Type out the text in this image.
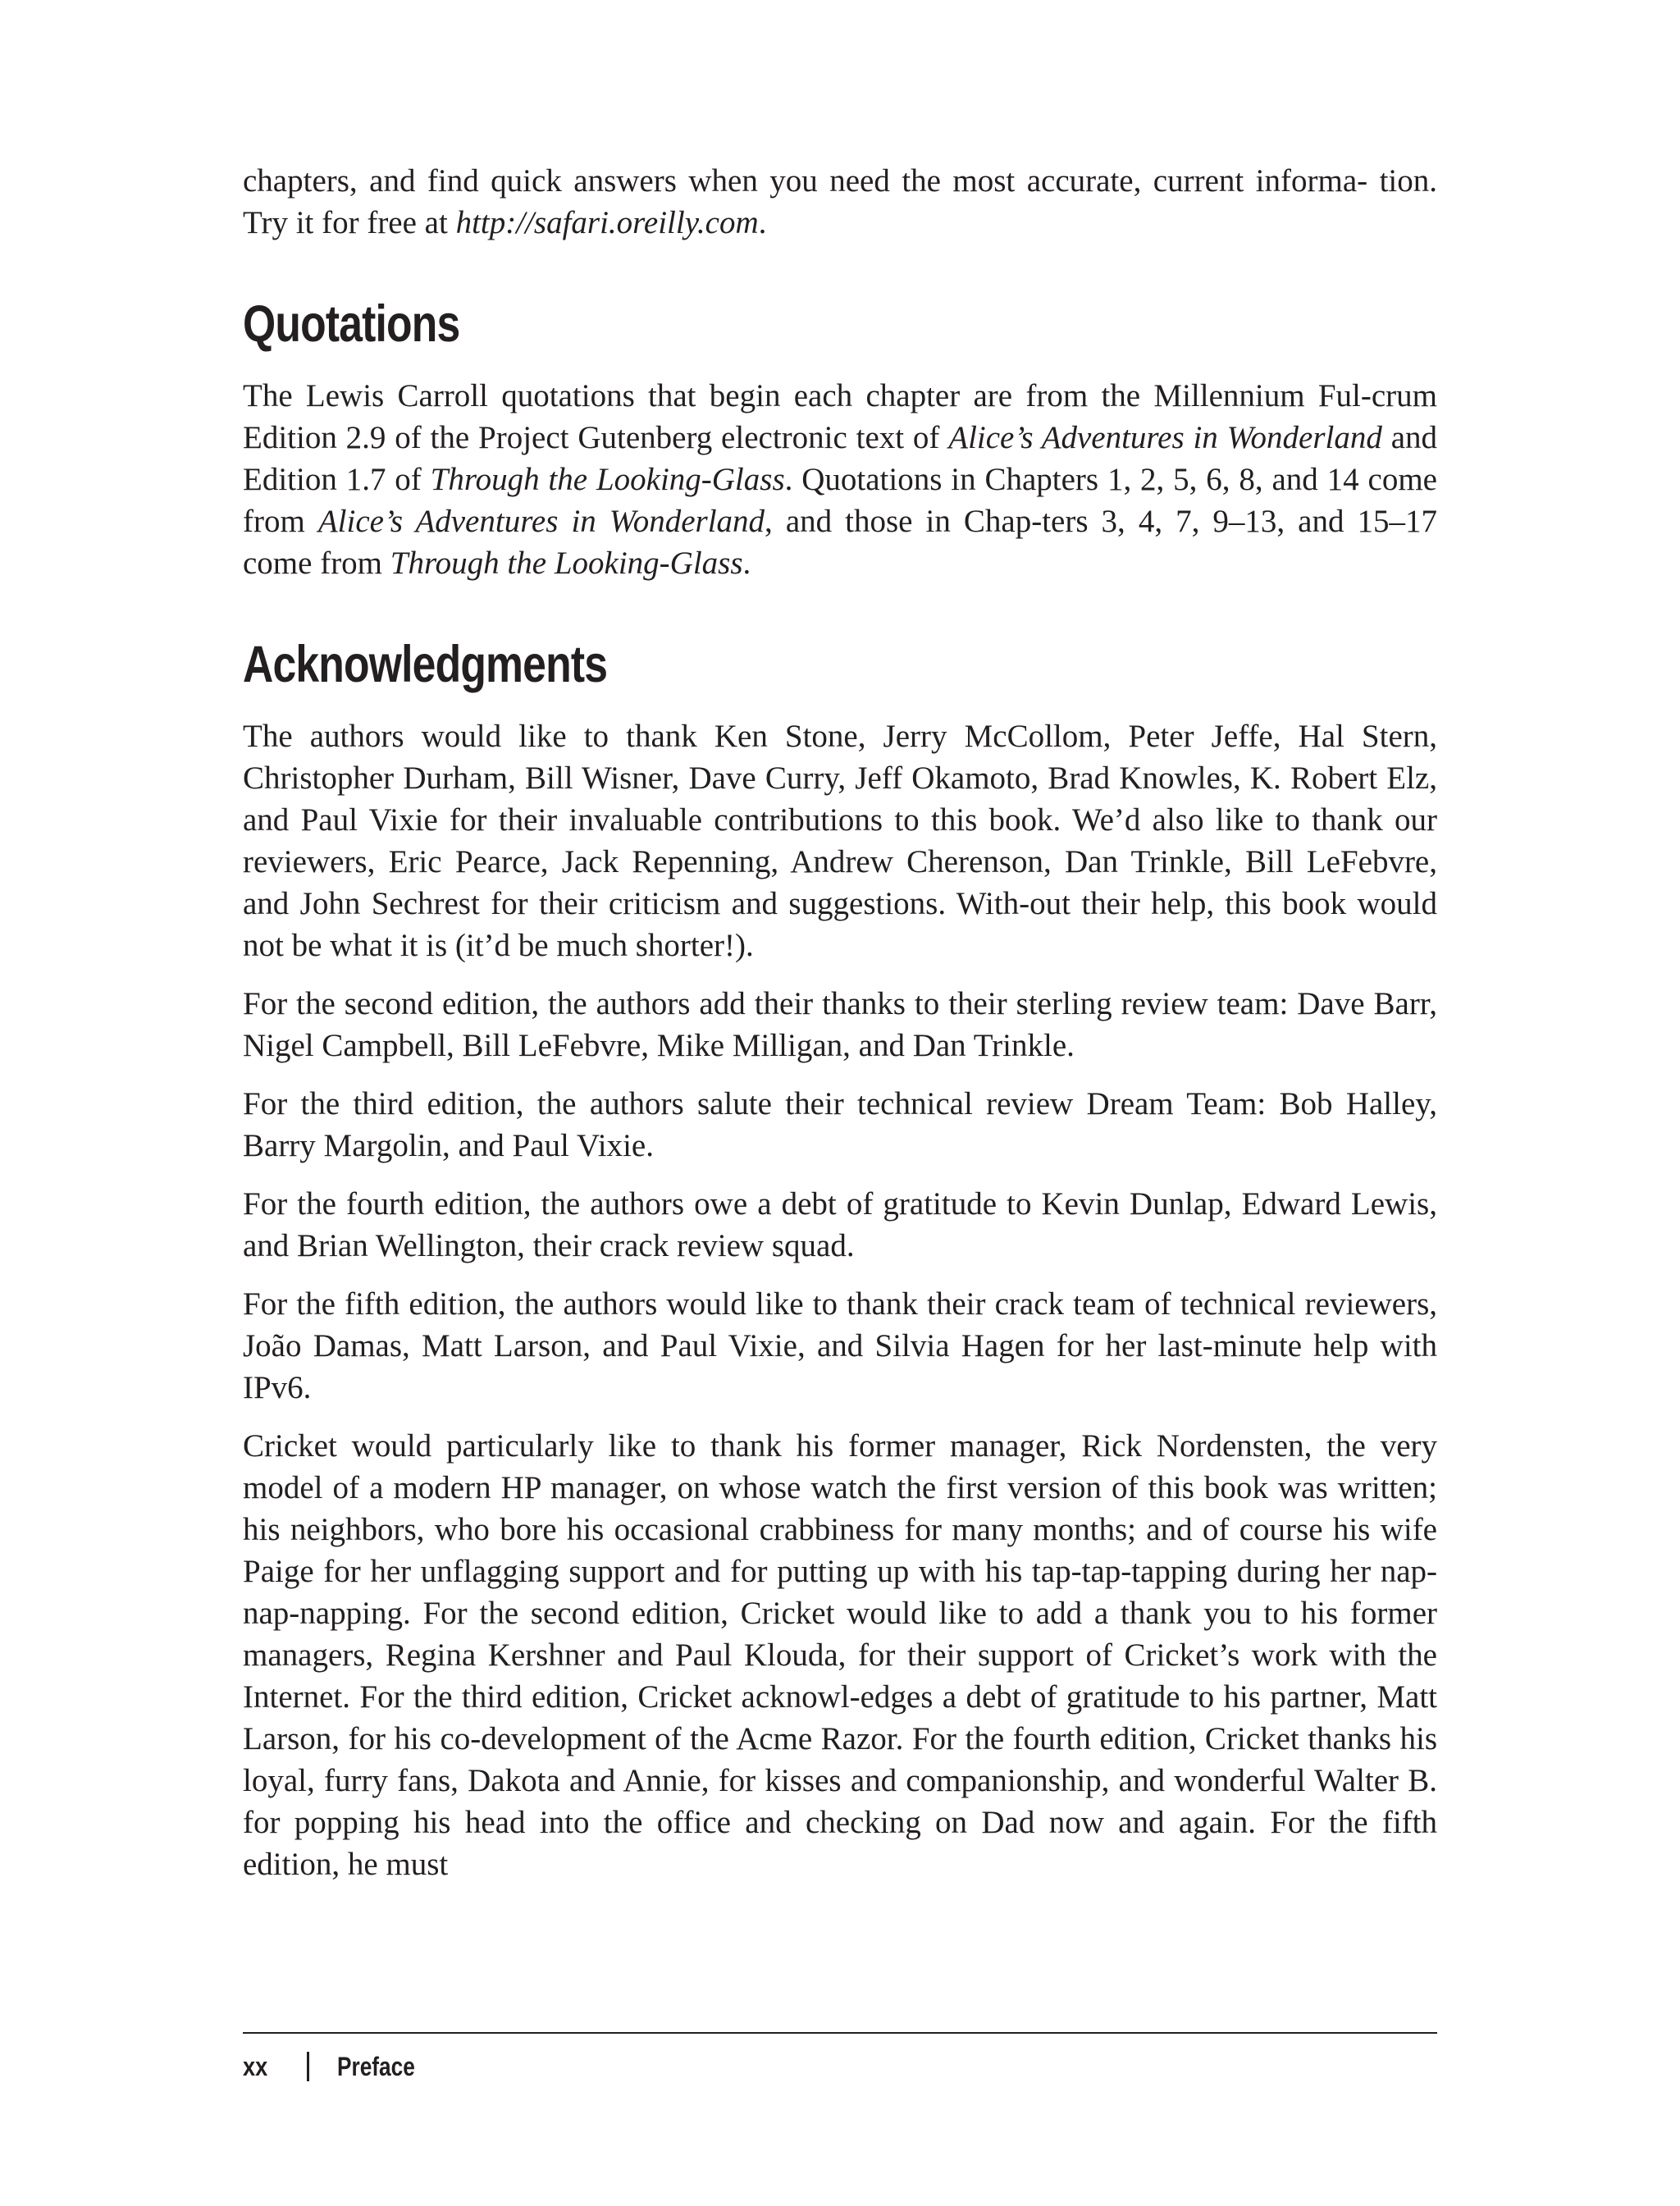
chapters, and find quick answers when you need the most accurate, current informa- tion. Try it for free at http://safari.oreilly.com.

Quotations

The Lewis Carroll quotations that begin each chapter are from the Millennium Ful-crum Edition 2.9 of the Project Gutenberg electronic text of Alice’s Adventures in Wonderland and Edition 1.7 of Through the Looking-Glass. Quotations in Chapters 1, 2, 5, 6, 8, and 14 come from Alice’s Adventures in Wonderland, and those in Chap-ters 3, 4, 7, 9–13, and 15–17 come from Through the Looking-Glass.

Acknowledgments

The authors would like to thank Ken Stone, Jerry McCollom, Peter Jeffe, Hal Stern, Christopher Durham, Bill Wisner, Dave Curry, Jeff Okamoto, Brad Knowles, K. Robert Elz, and Paul Vixie for their invaluable contributions to this book. We’d also like to thank our reviewers, Eric Pearce, Jack Repenning, Andrew Cherenson, Dan Trinkle, Bill LeFebvre, and John Sechrest for their criticism and suggestions. With-out their help, this book would not be what it is (it’d be much shorter!).

For the second edition, the authors add their thanks to their sterling review team: Dave Barr, Nigel Campbell, Bill LeFebvre, Mike Milligan, and Dan Trinkle.

For the third edition, the authors salute their technical review Dream Team: Bob Halley, Barry Margolin, and Paul Vixie.

For the fourth edition, the authors owe a debt of gratitude to Kevin Dunlap, Edward Lewis, and Brian Wellington, their crack review squad.

For the fifth edition, the authors would like to thank their crack team of technical reviewers, João Damas, Matt Larson, and Paul Vixie, and Silvia Hagen for her last-minute help with IPv6.

Cricket would particularly like to thank his former manager, Rick Nordensten, the very model of a modern HP manager, on whose watch the first version of this book was written; his neighbors, who bore his occasional crabbiness for many months; and of course his wife Paige for her unflagging support and for putting up with his tap-tap-tapping during her nap-nap-napping. For the second edition, Cricket would like to add a thank you to his former managers, Regina Kershner and Paul Klouda, for their support of Cricket’s work with the Internet. For the third edition, Cricket acknowl-edges a debt of gratitude to his partner, Matt Larson, for his co-development of the Acme Razor. For the fourth edition, Cricket thanks his loyal, furry fans, Dakota and Annie, for kisses and companionship, and wonderful Walter B. for popping his head into the office and checking on Dad now and again. For the fifth edition, he must

xx	Preface
